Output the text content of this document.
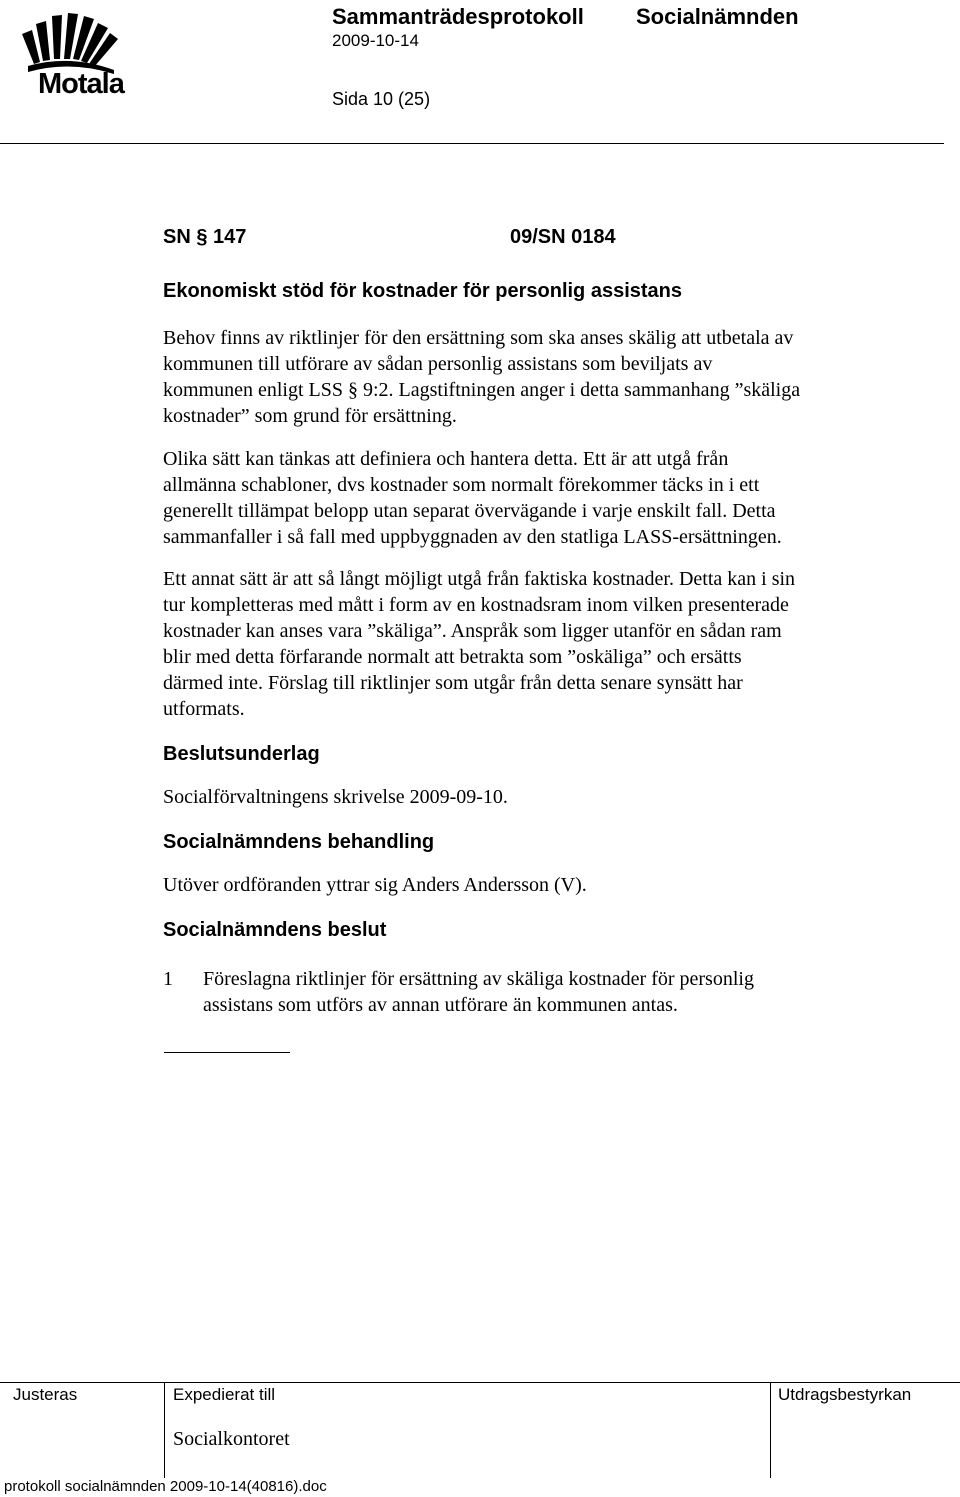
Motala
Sammanträdesprotokoll Socialnämnden
2009-10-14
Sida 10 (25)
SN § 147	09/SN 0184
Ekonomiskt stöd för kostnader för personlig assistans
Behov finns av riktlinjer för den ersättning som ska anses skälig att utbetala av
kommunen till utförare av sådan personlig assistans som beviljats av
kommunen enligt LSS § 9:2. Lagstiftningen anger i detta sammanhang ”skäliga
kostnader” som grund för ersättning.
Olika sätt kan tänkas att definiera och hantera detta. Ett är att utgå från
allmänna schabloner, dvs kostnader som normalt förekommer täcks in i ett
generellt tillämpat belopp utan separat övervägande i varje enskilt fall. Detta
sammanfaller i så fall med uppbyggnaden av den statliga LASS-ersättningen.
Ett annat sätt är att så långt möjligt utgå från faktiska kostnader. Detta kan i sin
tur kompletteras med mått i form av en kostnadsram inom vilken presenterade
kostnader kan anses vara ”skäliga”. Anspråk som ligger utanför en sådan ram
blir med detta förfarande normalt att betrakta som ”oskäliga” och ersätts
därmed inte. Förslag till riktlinjer som utgår från detta senare synsätt har
utformats.
Beslutsunderlag
Socialförvaltningens skrivelse 2009-09-10.
Socialnämndens behandling
Utöver ordföranden yttrar sig Anders Andersson (V).
Socialnämndens beslut
1 Föreslagna riktlinjer för ersättning av skäliga kostnader för personlig
assistans som utförs av annan utförare än kommunen antas.
Justeras	Expedierat till	Utdragsbestyrkan
Socialkontoret
protokoll socialnämnden 2009-10-14(40816).doc
